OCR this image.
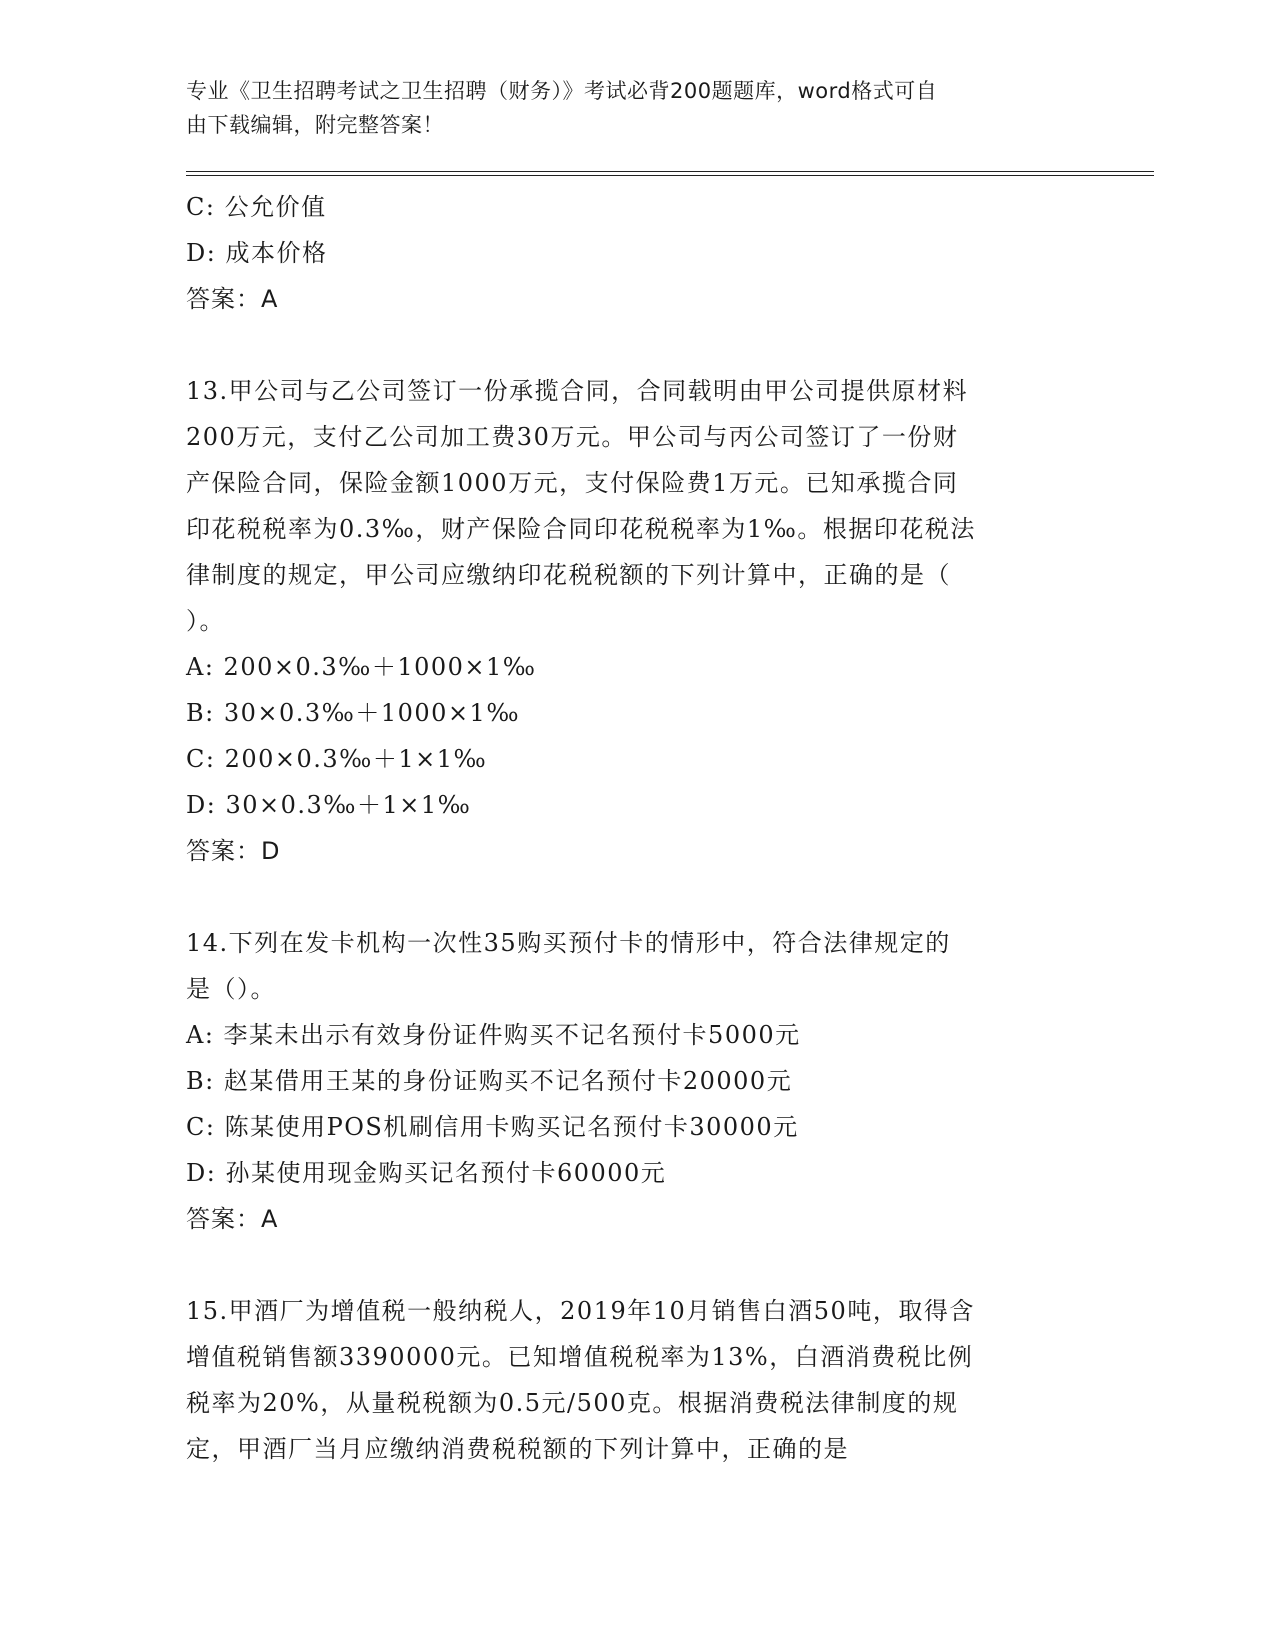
专业《卫生招聘考试之卫生招聘（财务）》考试必背200题题库，word格式可自
由下载编辑，附完整答案！
C: 公允价值
D: 成本价格
答案：A
13.甲公司与乙公司签订一份承揽合同，合同载明由甲公司提供原材料
200万元，支付乙公司加工费30万元。甲公司与丙公司签订了一份财
产保险合同，保险金额1000万元，支付保险费1万元。已知承揽合同
印花税税率为0.3‰，财产保险合同印花税税率为1‰。根据印花税法
律制度的规定，甲公司应缴纳印花税税额的下列计算中，正确的是（
）。
A: 200×0.3‰＋1000×1‰
B: 30×0.3‰＋1000×1‰
C: 200×0.3‰＋1×1‰
D: 30×0.3‰＋1×1‰
答案：D
14.下列在发卡机构一次性35购买预付卡的情形中，符合法律规定的
是（）。
A: 李某未出示有效身份证件购买不记名预付卡5000元
B: 赵某借用王某的身份证购买不记名预付卡20000元
C: 陈某使用POS机刷信用卡购买记名预付卡30000元
D: 孙某使用现金购买记名预付卡60000元
答案：A
15.甲酒厂为增值税一般纳税人，2019年10月销售白酒50吨，取得含
增值税销售额3390000元。已知增值税税率为13%，白酒消费税比例
税率为20%，从量税税额为0.5元/500克。根据消费税法律制度的规
定，甲酒厂当月应缴纳消费税税额的下列计算中，正确的是
